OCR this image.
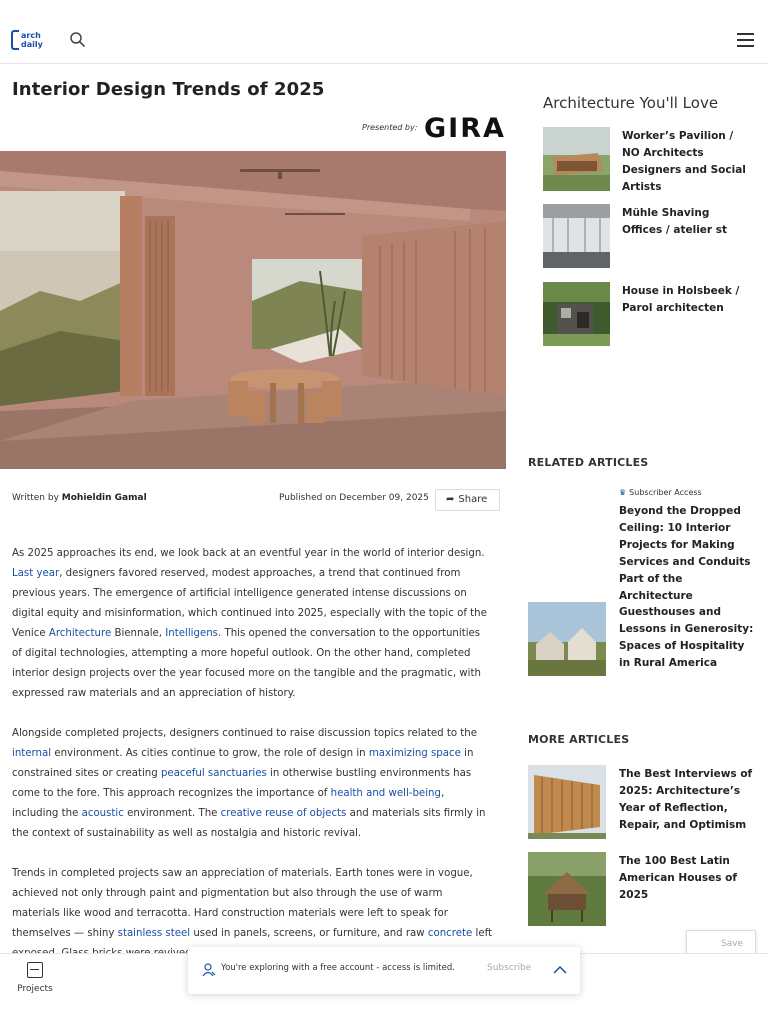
arch daily
Interior Design Trends of 2025
Presented by: GIRA
Written by Mohieldin Gamal	Published on December 09, 2025	➦ Share

As 2025 approaches its end, we look back at an eventful year in the world of interior design. Last year, designers favored reserved, modest approaches, a trend that continued from previous years. The emergence of artificial intelligence generated intense discussions on digital equity and misinformation, which continued into 2025, especially with the topic of the Venice Architecture Biennale, Intelligens. This opened the conversation to the opportunities of digital technologies, attempting a more hopeful outlook. On the other hand, completed interior design projects over the year focused more on the tangible and the pragmatic, with expressed raw materials and an appreciation of history.

Alongside completed projects, designers continued to raise discussion topics related to the internal environment. As cities continue to grow, the role of design in maximizing space in constrained sites or creating peaceful sanctuaries in otherwise bustling environments has come to the fore. This approach recognizes the importance of health and well-being, including the acoustic environment. The creative reuse of objects and materials sits firmly in the context of sustainability as well as nostalgia and historic revival.

Trends in completed projects saw an appreciation of materials. Earth tones were in vogue, achieved not only through paint and pigmentation but also through the use of warm materials like wood and terracotta. Hard construction materials were left to speak for themselves — shiny stainless steel used in panels, screens, or furniture, and raw concrete left

Architecture You'll Love
Worker’s Pavilion / NO Architects Designers and Social Artists
Mühle Shaving Offices / atelier st
House in Holsbeek / Parol architecten
RELATED ARTICLES
♛ Subscriber Access
Beyond the Dropped Ceiling: 10 Interior Projects for Making Services and Conduits Part of the Architecture
Guesthouses and Lessons in Generosity: Spaces of Hospitality in Rural America
MORE ARTICLES
The Best Interviews of 2025: Architecture’s Year of Reflection, Repair, and Optimism
The 100 Best Latin American Houses of 2025
Save
Projects
You're exploring with a free account - access is limited.	Subscribe
